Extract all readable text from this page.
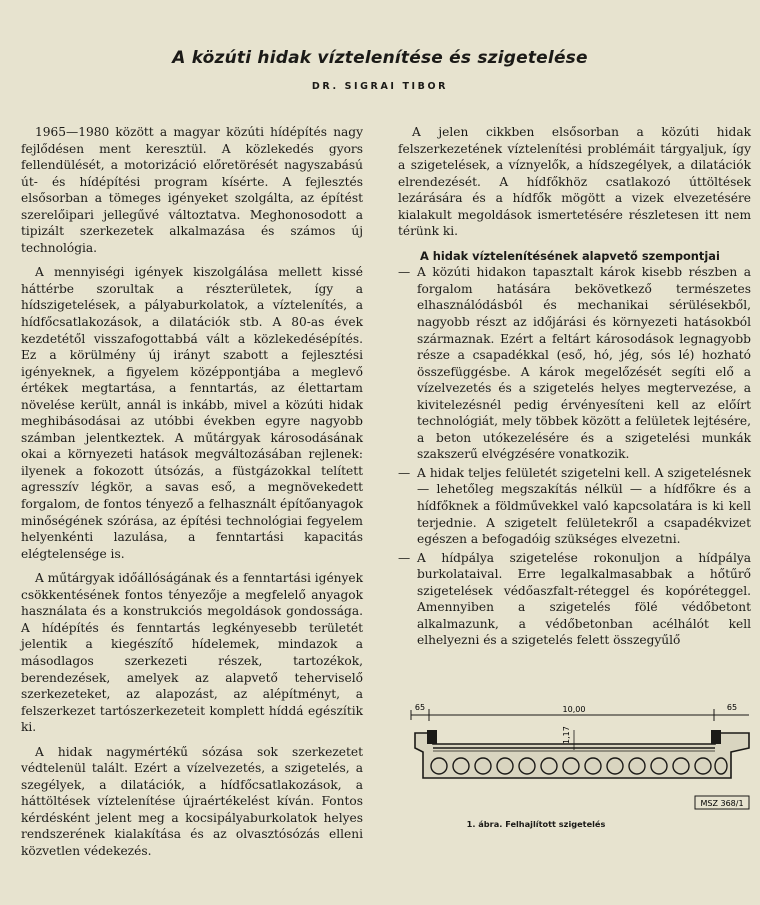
A közúti hidak víztelenítése és szigetelése
DR. SIGRAI TIBOR

1965—1980 között a magyar közúti hídépítés nagy fejlődésen ment keresztül. A közlekedés gyors fellendülését, a motorizáció előretörését nagyszabású út- és hídépítési program kísérte. A fejlesztés elsősorban a tömeges igényeket szolgálta, az építést szerelőipari jellegűvé változtatva. Meghonosodott a tipizált szerkezetek alkalmazása és számos új technológia.

A mennyiségi igények kiszolgálása mellett kissé háttérbe szorultak a részterületek, így a hídszigetelések, a pályaburkolatok, a víztelenítés, a hídfőcsatlakozások, a dilatációk stb. A 80-as évek kezdetétől visszafogottabbá vált a közlekedésépítés. Ez a körülmény új irányt szabott a fejlesztési igényeknek, a figyelem középpontjába a meglevő értékek megtartása, a fenntartás, az élettartam növelése került, annál is inkább, mivel a közúti hidak meghibásodásai az utóbbi években egyre nagyobb számban jelentkeztek. A műtárgyak károsodásának okai a környezeti hatások megváltozásában rejlenek: ilyenek a fokozott útsózás, a füstgázokkal telített agresszív légkör, a savas eső, a megnövekedett forgalom, de fontos tényező a felhasznált építőanyagok minőségének szórása, az építési technológiai fegyelem helyenkénti lazulása, a fenntartási kapacitás elégtelensége is.

A műtárgyak időállóságának és a fenntartási igények csökkentésének fontos tényezője a megfelelő anyagok használata és a konstrukciós megoldások gondossága. A hídépítés és fenntartás legkényesebb területét jelentik a kiegészítő hídelemek, mindazok a másodlagos szerkezeti részek, tartozékok, berendezések, amelyek az alapvető teherviselő szerkezeteket, az alapozást, az alépítményt, a felszerkezet tartószerkezeteit komplett híddá egészítik ki.

A hidak nagymértékű sózása sok szerkezetet védtelenül talált. Ezért a vízelvezetés, a szigetelés, a szegélyek, a dilatációk, a hídfőcsatlakozások, a háttöltések víztelenítése újraértékelést kíván. Fontos kérdésként jelent meg a kocsipályaburkolatok helyes rendszerének kialakítása és az olvasztósózás elleni közvetlen védekezés.

A jelen cikkben elsősorban a közúti hidak felszerkezetének víztelenítési problémáit tárgyaljuk, így a szigetelések, a víznyelők, a hídszegélyek, a dilatációk elrendezését. A hídfőkhöz csatlakozó úttöltések lezárására és a hídfők mögött a vizek elvezetésére kialakult megoldások ismertetésére részletesen itt nem térünk ki.

A hidak víztelenítésének alapvető szempontjai

— A közúti hidakon tapasztalt károk kisebb részben a forgalom hatására bekövetkező természetes elhasználódásból és mechanikai sérülésekből, nagyobb részt az időjárási és környezeti hatásokból származnak. Ezért a feltárt károsodások legnagyobb része a csapadékkal (eső, hó, jég, sós lé) hozható összefüggésbe. A károk megelőzését segíti elő a vízelvezetés és a szigetelés helyes megtervezése, a kivitelezésnél pedig érvényesíteni kell az előírt technológiát, mely többek között a felületek lejtésére, a beton utókezelésére és a szigetelési munkák szakszerű elvégzésére vonatkozik.
— A hidak teljes felületét szigetelni kell. A szigetelésnek — lehetőleg megszakítás nélkül — a hídfőkre és a hídfőknek a földművekkel való kapcsolatára is ki kell terjednie. A szigetelt felületekről a csapadékvizet egészen a befogadóig szükséges elvezetni.
— A hídpálya szigetelése rokonuljon a hídpálya burkolataival. Erre legalkalmasabbak a hőtűrő szigetelések védőaszfalt-réteggel és kopóréteggel. Amennyiben a szigetelés fölé védőbetont alkalmazunk, a védőbetonban acélhálót kell elhelyezni és a szigetelés felett összegyűlő
65	10,00	65
1,17
MSZ 368/1
1. ábra. Felhajlított szigetelés
